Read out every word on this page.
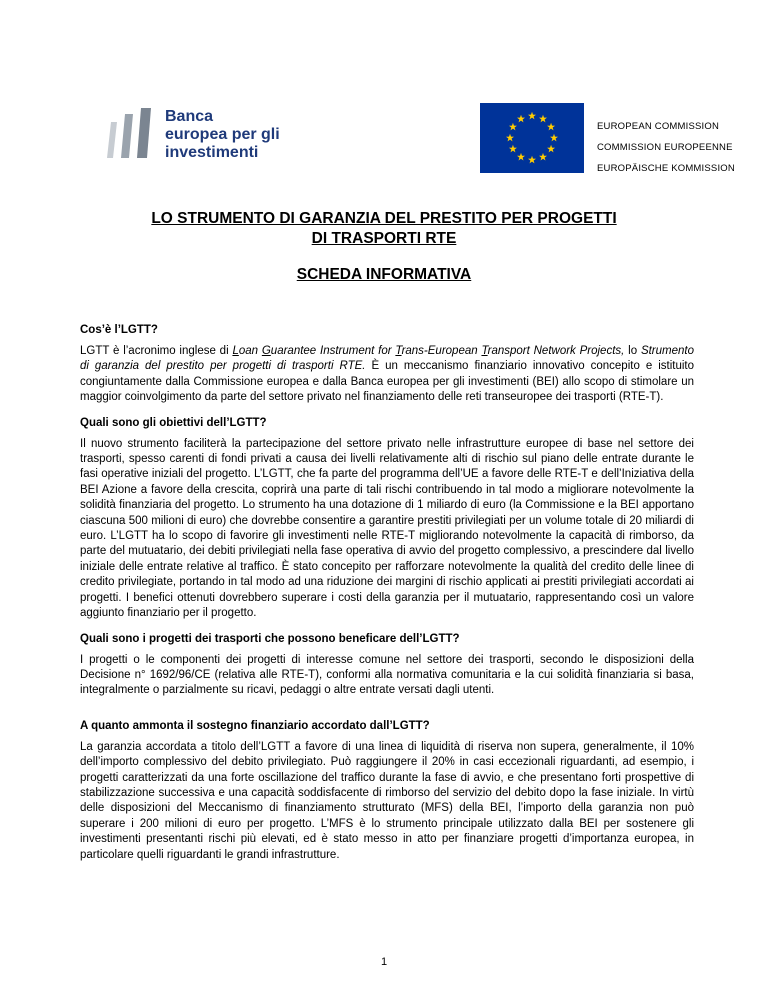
Banca
europea per gli
investimenti
EUROPEAN COMMISSION
COMMISSION EUROPEENNE
EUROPÄISCHE KOMMISSION
LO STRUMENTO DI GARANZIA DEL PRESTITO PER PROGETTI DI TRASPORTI RTE
SCHEDA INFORMATIVA
Cos’è l’LGTT?

LGTT è l’acronimo inglese di Loan Guarantee Instrument for Trans-European Transport Network Projects, lo Strumento di garanzia del prestito per progetti di trasporti RTE. È un meccanismo finanziario innovativo concepito e istituito congiuntamente dalla Commissione europea e dalla Banca europea per gli investimenti (BEI) allo scopo di stimolare un maggior coinvolgimento da parte del settore privato nel finanziamento delle reti transeuropee dei trasporti (RTE-T).

Quali sono gli obiettivi dell’LGTT?

Il nuovo strumento faciliterà la partecipazione del settore privato nelle infrastrutture europee di base nel settore dei trasporti, spesso carenti di fondi privati a causa dei livelli relativamente alti di rischio sul piano delle entrate durante le fasi operative iniziali del progetto. L’LGTT, che fa parte del programma dell’UE a favore delle RTE-T e dell’Iniziativa della BEI Azione a favore della crescita, coprirà una parte di tali rischi contribuendo in tal modo a migliorare notevolmente la solidità finanziaria del progetto. Lo strumento ha una dotazione di 1 miliardo di euro (la Commissione e la BEI apportano ciascuna 500 milioni di euro) che dovrebbe consentire a garantire prestiti privilegiati per un volume totale di 20 miliardi di euro. L’LGTT ha lo scopo di favorire gli investimenti nelle RTE-T migliorando notevolmente la capacità di rimborso, da parte del mutuatario, dei debiti privilegiati nella fase operativa di avvio del progetto complessivo, a prescindere dal livello iniziale delle entrate relative al traffico. È stato concepito per rafforzare notevolmente la qualità del credito delle linee di credito privilegiate, portando in tal modo ad una riduzione dei margini di rischio applicati ai prestiti privilegiati accordati ai progetti. I benefici ottenuti dovrebbero superare i costi della garanzia per il mutuatario, rappresentando così un valore aggiunto finanziario per il progetto.

Quali sono i progetti dei trasporti che possono beneficare dell’LGTT?

I progetti o le componenti dei progetti di interesse comune nel settore dei trasporti, secondo le disposizioni della Decisione n° 1692/96/CE (relativa alle RTE-T), conformi alla normativa comunitaria e la cui solidità finanziaria si basa, integralmente o parzialmente su ricavi, pedaggi o altre entrate versati dagli utenti.

A quanto ammonta il sostegno finanziario accordato dall’LGTT?

La garanzia accordata a titolo dell’LGTT a favore di una linea di liquidità di riserva non supera, generalmente, il 10% dell’importo complessivo del debito privilegiato. Può raggiungere il 20% in casi eccezionali riguardanti, ad esempio, i progetti caratterizzati da una forte oscillazione del traffico durante la fase di avvio, e che presentano forti prospettive di stabilizzazione successiva e una capacità soddisfacente di rimborso del servizio del debito dopo la fase iniziale. In virtù delle disposizioni del Meccanismo di finanziamento strutturato (MFS) della BEI, l’importo della garanzia non può superare i 200 milioni di euro per progetto. L’MFS è lo strumento principale utilizzato dalla BEI per sostenere gli investimenti presentanti rischi più elevati, ed è stato messo in atto per finanziare progetti d’importanza europea, in particolare quelli riguardanti le grandi infrastrutture.

1
